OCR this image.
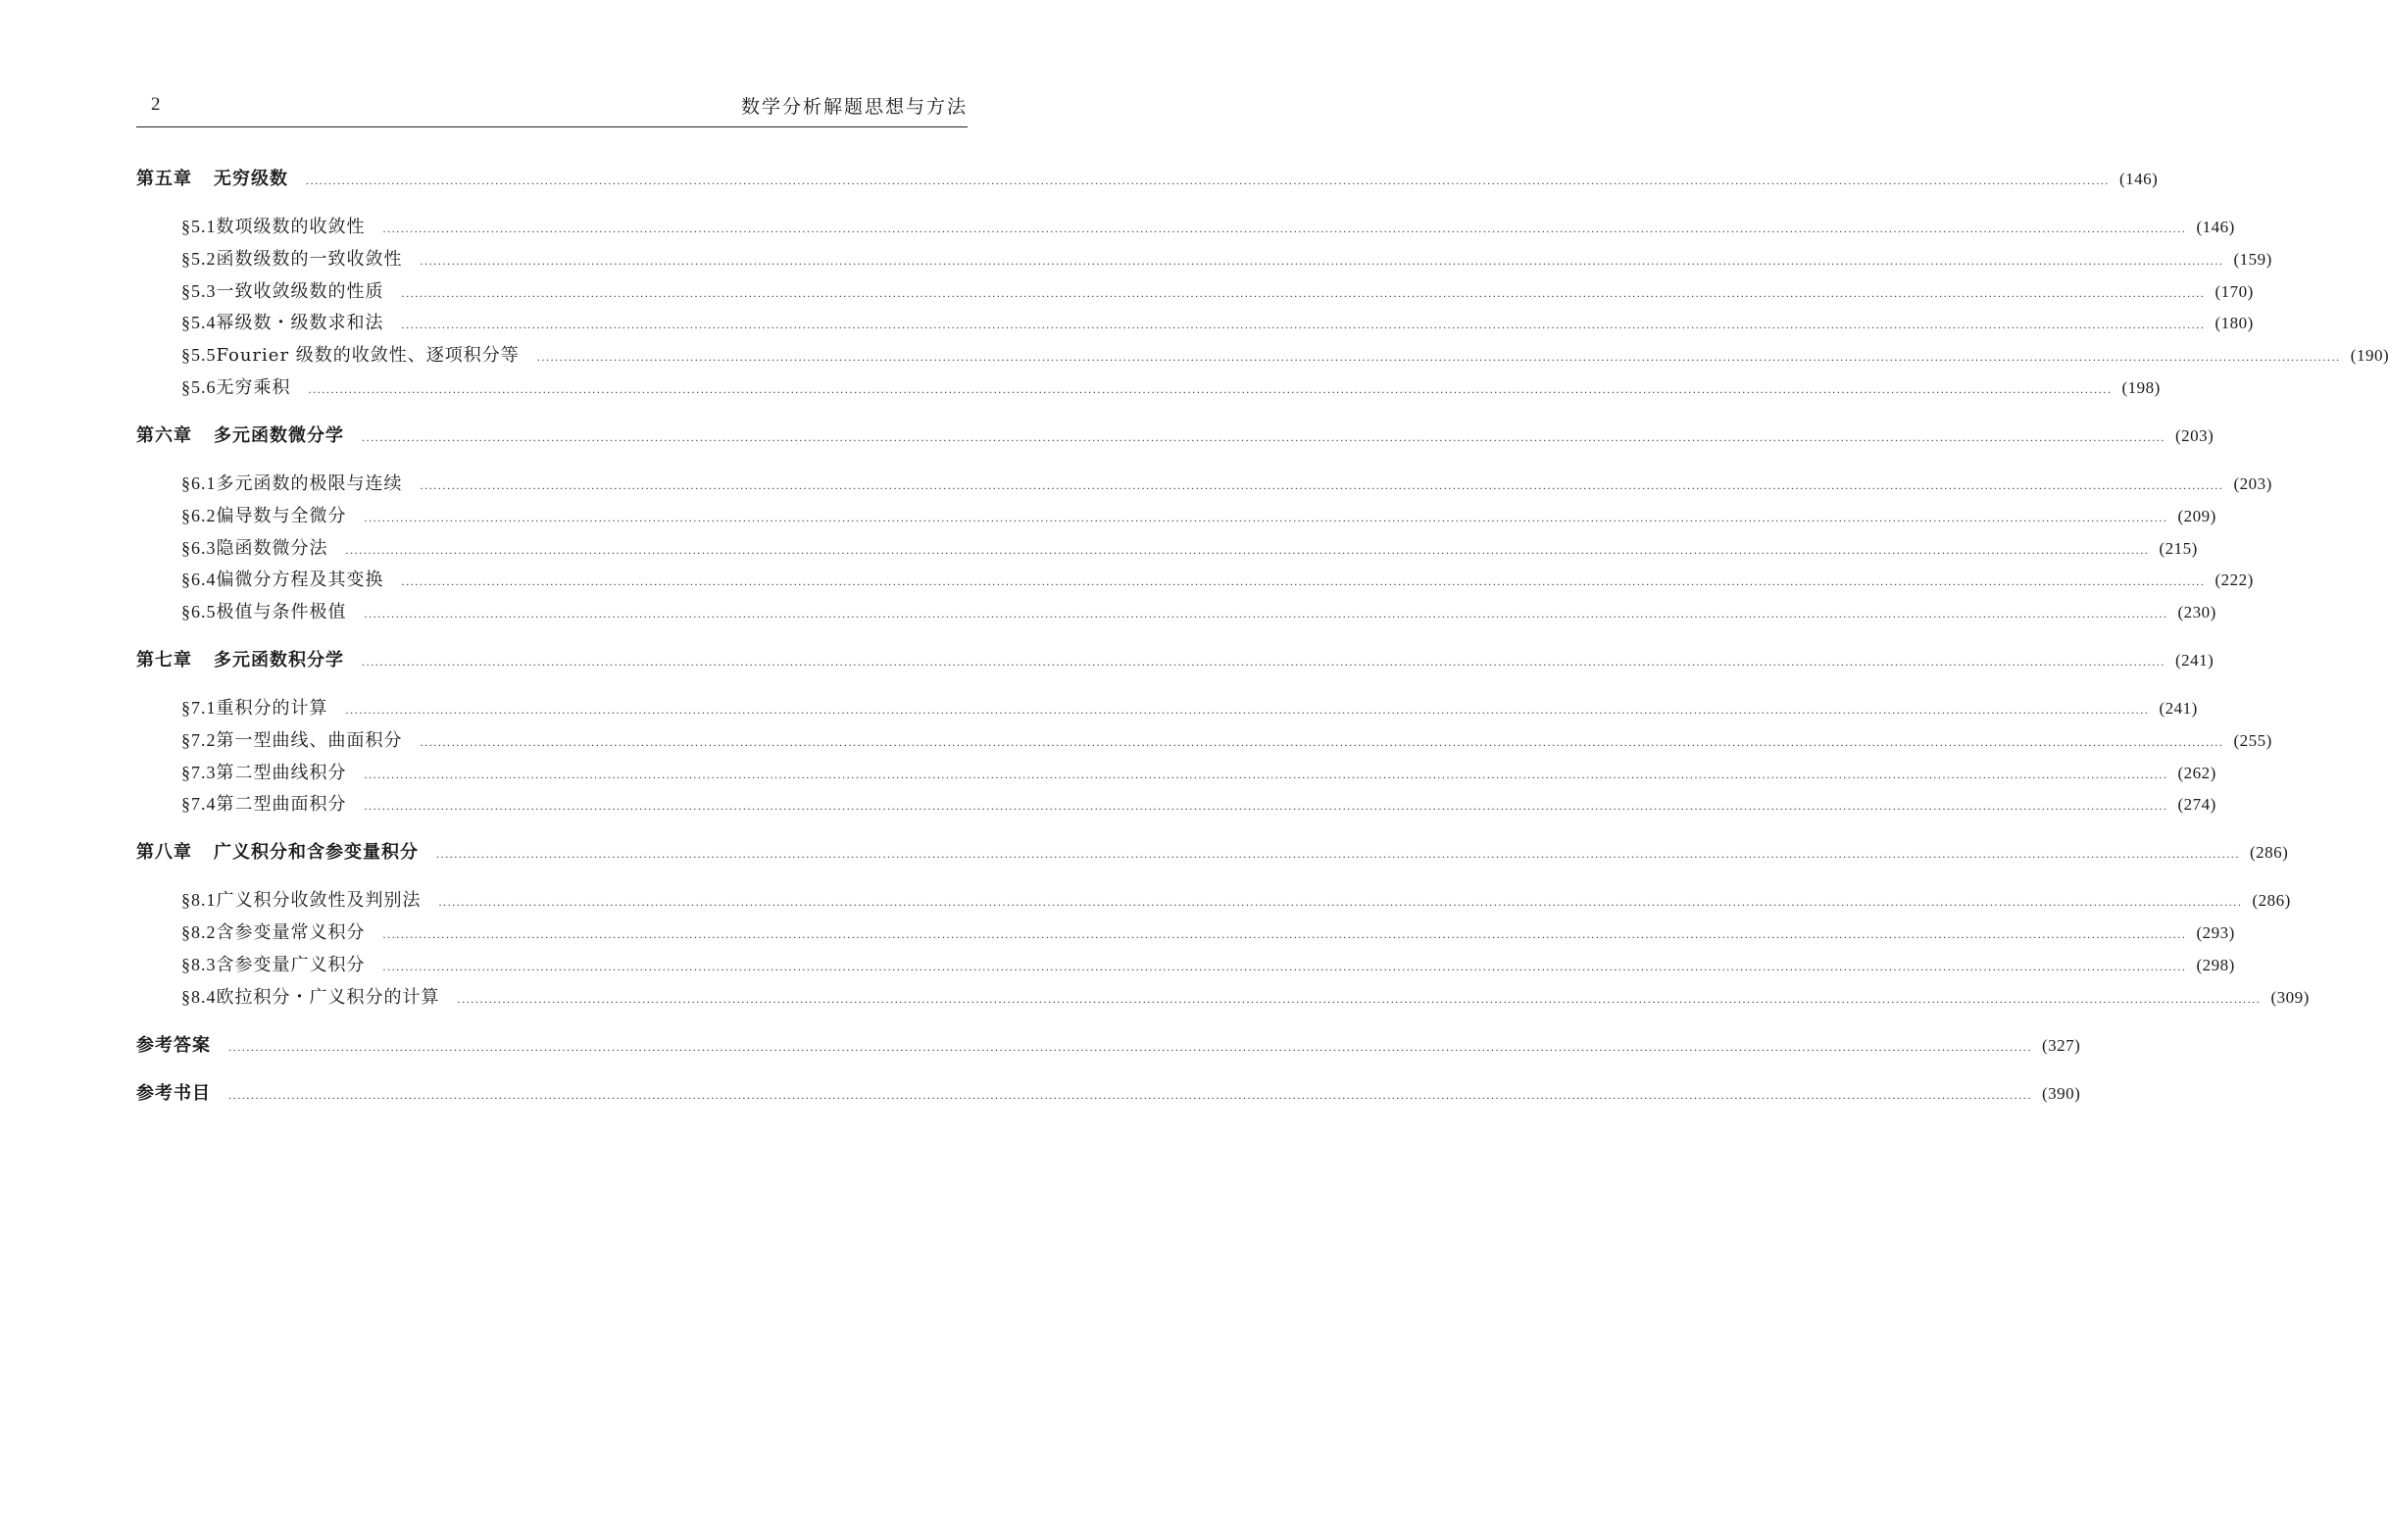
2	数学分析解题思想与方法
第五章 无穷级数 ................................................................................................................................................................................................................................................................................................................................................................................................................ (146)
§5.1 数项级数的收敛性 ................................................................................................................................................................................................................................................................................................................................................................................................................ (146)
§5.2 函数级数的一致收敛性 ................................................................................................................................................................................................................................................................................................................................................................................................................ (159)
§5.3 一致收敛级数的性质 ................................................................................................................................................................................................................................................................................................................................................................................................................ (170)
§5.4 幂级数・级数求和法 ................................................................................................................................................................................................................................................................................................................................................................................................................ (180)
§5.5 Fourier 级数的收敛性、逐项积分等 ................................................................................................................................................................................................................................................................................................................................................................................................................ (190)
§5.6 无穷乘积 ................................................................................................................................................................................................................................................................................................................................................................................................................ (198)
第六章 多元函数微分学 ................................................................................................................................................................................................................................................................................................................................................................................................................ (203)
§6.1 多元函数的极限与连续 ................................................................................................................................................................................................................................................................................................................................................................................................................ (203)
§6.2 偏导数与全微分 ................................................................................................................................................................................................................................................................................................................................................................................................................ (209)
§6.3 隐函数微分法 ................................................................................................................................................................................................................................................................................................................................................................................................................ (215)
§6.4 偏微分方程及其变换 ................................................................................................................................................................................................................................................................................................................................................................................................................ (222)
§6.5 极值与条件极值 ................................................................................................................................................................................................................................................................................................................................................................................................................ (230)
第七章 多元函数积分学 ................................................................................................................................................................................................................................................................................................................................................................................................................ (241)
§7.1 重积分的计算 ................................................................................................................................................................................................................................................................................................................................................................................................................ (241)
§7.2 第一型曲线、曲面积分 ................................................................................................................................................................................................................................................................................................................................................................................................................ (255)
§7.3 第二型曲线积分 ................................................................................................................................................................................................................................................................................................................................................................................................................ (262)
§7.4 第二型曲面积分 ................................................................................................................................................................................................................................................................................................................................................................................................................ (274)
第八章 广义积分和含参变量积分 ................................................................................................................................................................................................................................................................................................................................................................................................................ (286)
§8.1 广义积分收敛性及判别法 ................................................................................................................................................................................................................................................................................................................................................................................................................ (286)
§8.2 含参变量常义积分 ................................................................................................................................................................................................................................................................................................................................................................................................................ (293)
§8.3 含参变量广义积分 ................................................................................................................................................................................................................................................................................................................................................................................................................ (298)
§8.4 欧拉积分・广义积分的计算 ................................................................................................................................................................................................................................................................................................................................................................................................................ (309)
参考答案 ................................................................................................................................................................................................................................................................................................................................................................................................................ (327)
参考书目 ................................................................................................................................................................................................................................................................................................................................................................................................................ (390)
